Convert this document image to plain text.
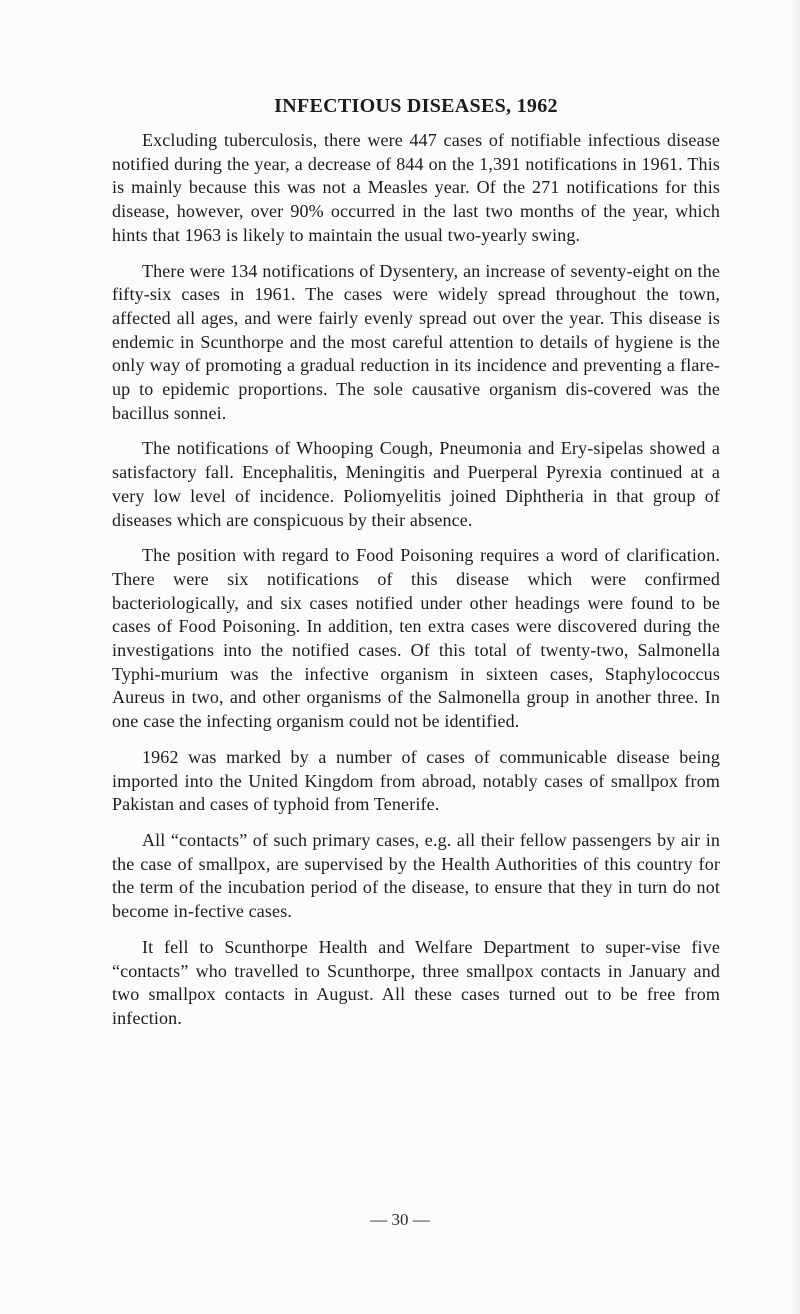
INFECTIOUS DISEASES, 1962

Excluding tuberculosis, there were 447 cases of notifiable infectious disease notified during the year, a decrease of 844 on the 1,391 notifications in 1961. This is mainly because this was not a Measles year. Of the 271 notifications for this disease, however, over 90% occurred in the last two months of the year, which hints that 1963 is likely to maintain the usual two-yearly swing.

There were 134 notifications of Dysentery, an increase of seventy-eight on the fifty-six cases in 1961. The cases were widely spread throughout the town, affected all ages, and were fairly evenly spread out over the year. This disease is endemic in Scunthorpe and the most careful attention to details of hygiene is the only way of promoting a gradual reduction in its incidence and preventing a flare-up to epidemic proportions. The sole causative organism dis-covered was the bacillus sonnei.

The notifications of Whooping Cough, Pneumonia and Ery-sipelas showed a satisfactory fall. Encephalitis, Meningitis and Puerperal Pyrexia continued at a very low level of incidence. Poliomyelitis joined Diphtheria in that group of diseases which are conspicuous by their absence.

The position with regard to Food Poisoning requires a word of clarification. There were six notifications of this disease which were confirmed bacteriologically, and six cases notified under other headings were found to be cases of Food Poisoning. In addition, ten extra cases were discovered during the investigations into the notified cases. Of this total of twenty-two, Salmonella Typhi-murium was the infective organism in sixteen cases, Staphylococcus Aureus in two, and other organisms of the Salmonella group in another three. In one case the infecting organism could not be identified.

1962 was marked by a number of cases of communicable disease being imported into the United Kingdom from abroad, notably cases of smallpox from Pakistan and cases of typhoid from Tenerife.

All “contacts” of such primary cases, e.g. all their fellow passengers by air in the case of smallpox, are supervised by the Health Authorities of this country for the term of the incubation period of the disease, to ensure that they in turn do not become in-fective cases.

It fell to Scunthorpe Health and Welfare Department to super-vise five “contacts” who travelled to Scunthorpe, three smallpox contacts in January and two smallpox contacts in August. All these cases turned out to be free from infection.

— 30 —
